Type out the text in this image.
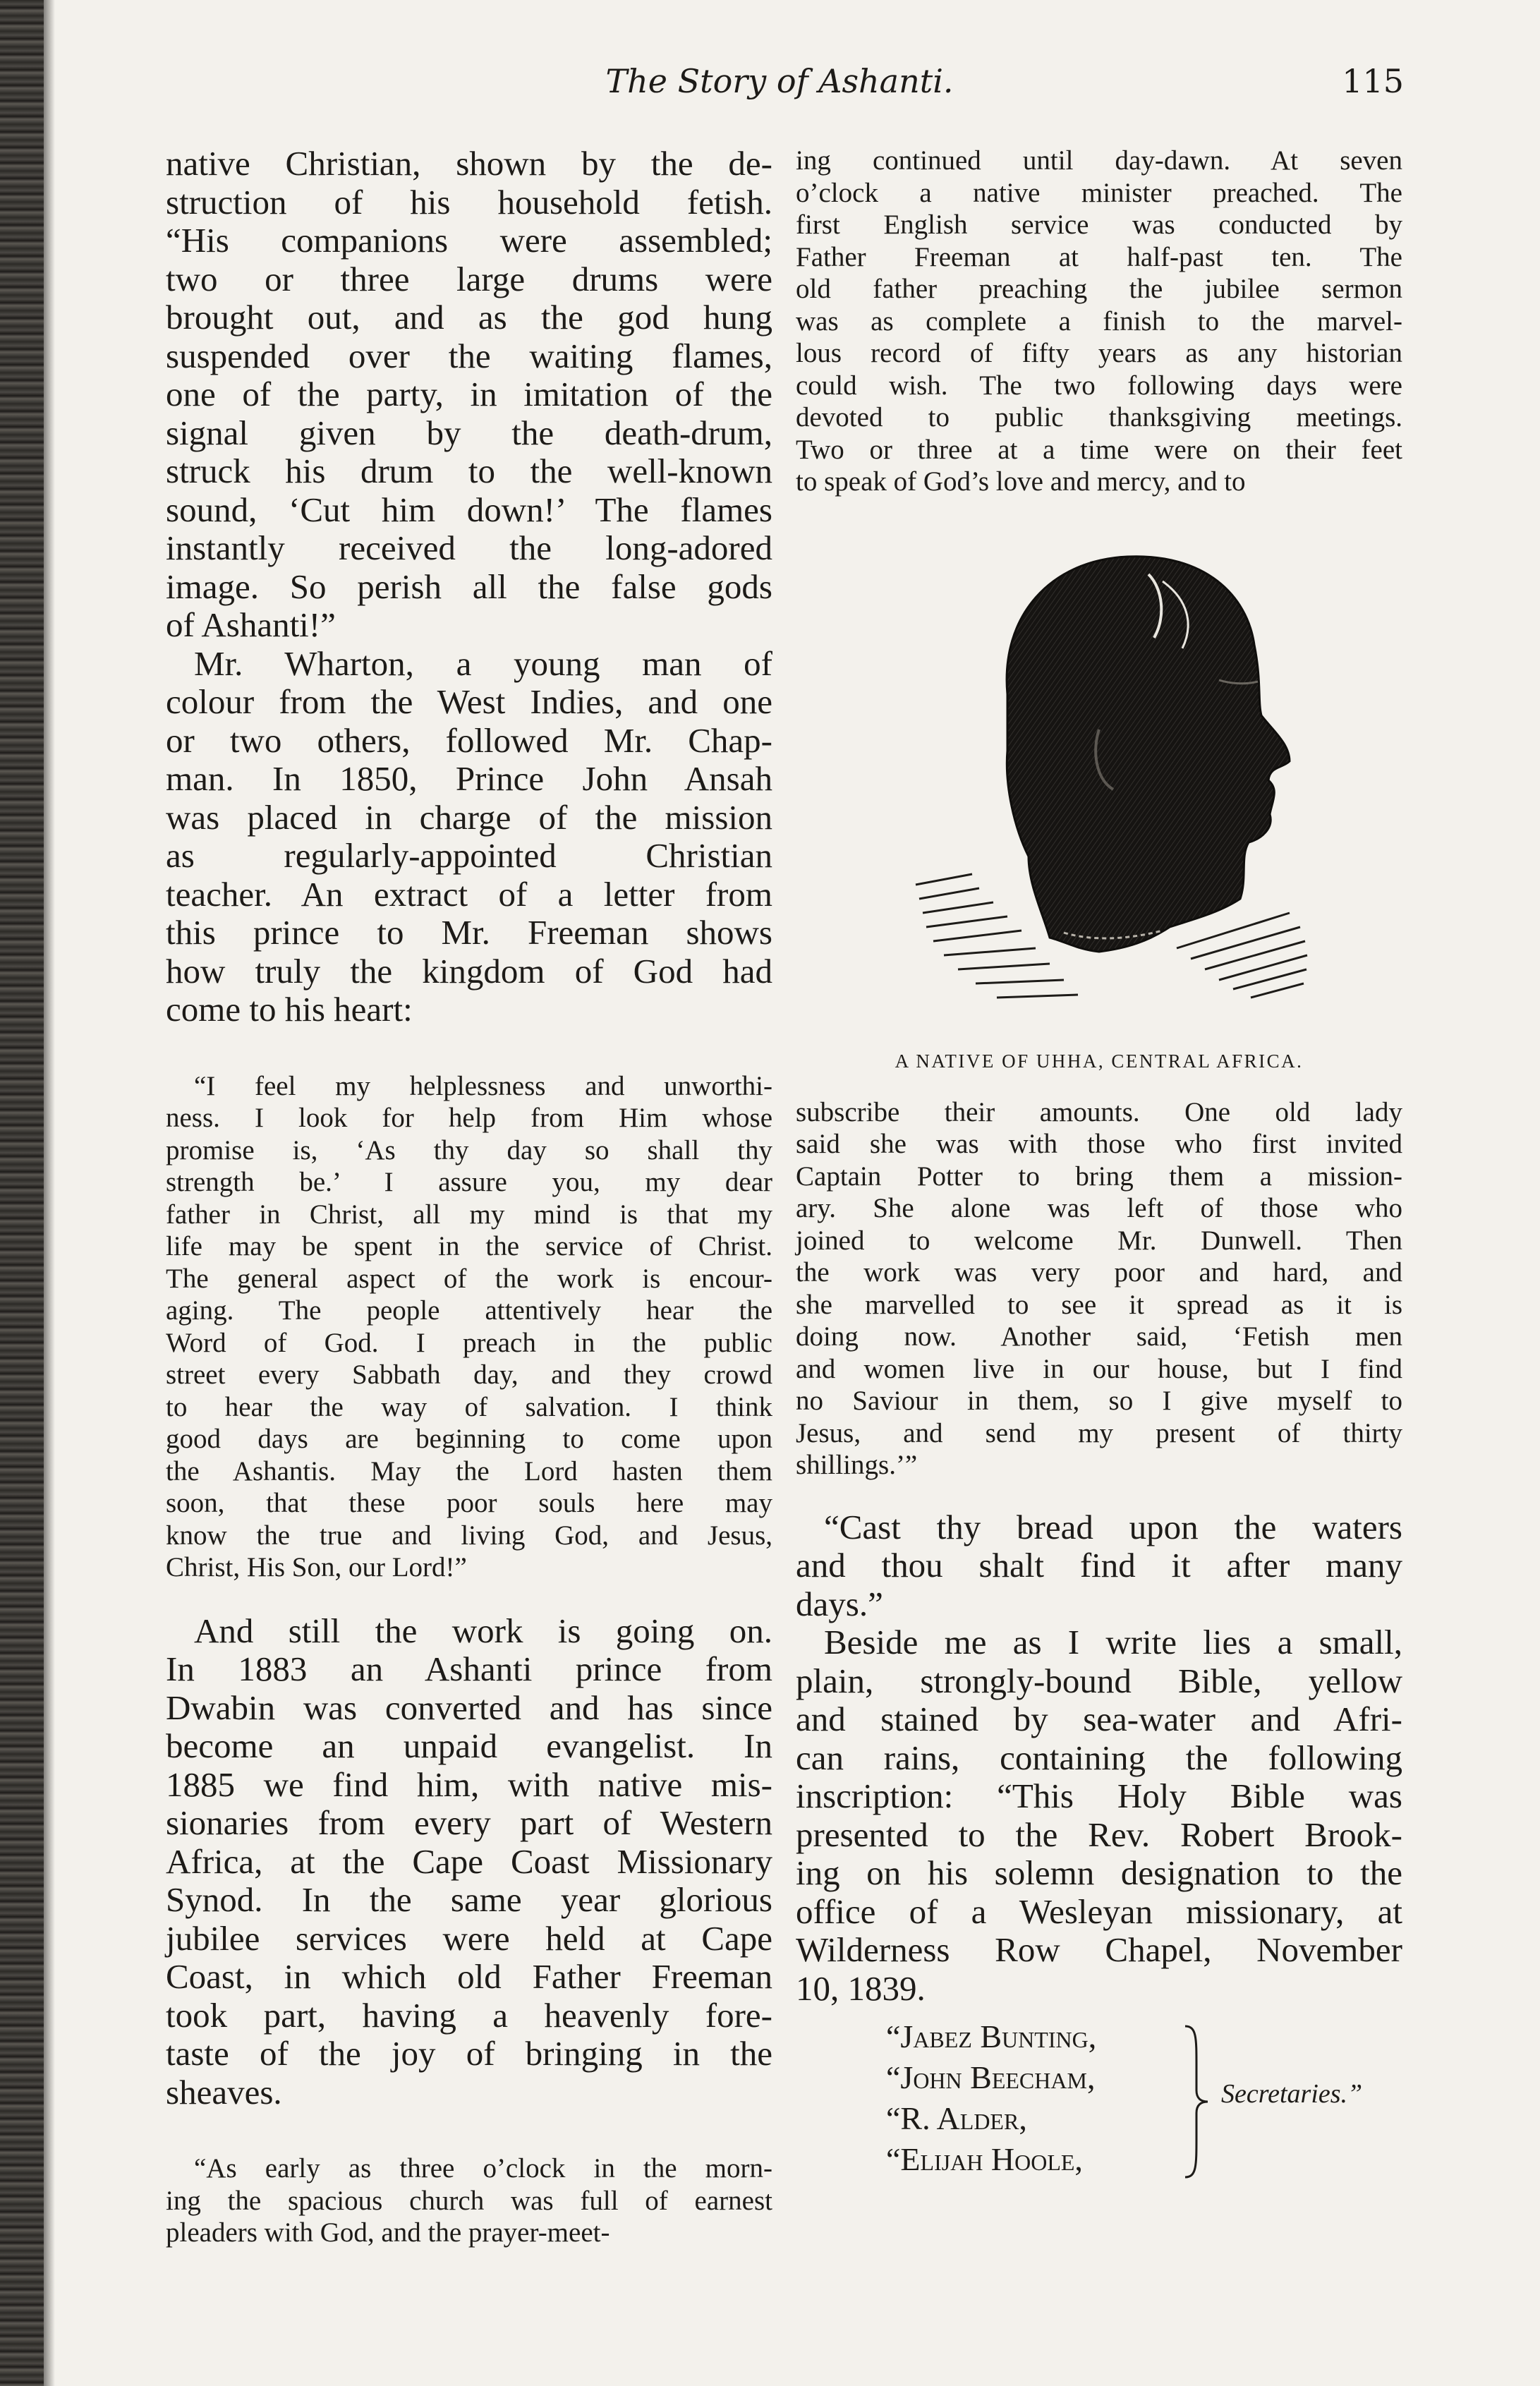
The Story of Ashanti.	115
native Christian, shown by the de-
struction of his household fetish.
“His companions were assembled;
two or three large drums were
brought out, and as the god hung
suspended over the waiting flames,
one of the party, in imitation of the
signal given by the death-drum,
struck his drum to the well-known
sound, ‘Cut him down!’ The flames
instantly received the long-adored
image. So perish all the false gods
of Ashanti!”
Mr. Wharton, a young man of
colour from the West Indies, and one
or two others, followed Mr. Chap-
man. In 1850, Prince John Ansah
was placed in charge of the mission
as regularly-appointed Christian
teacher. An extract of a letter from
this prince to Mr. Freeman shows
how truly the kingdom of God had
come to his heart:
“I feel my helplessness and unworthi-
ness. I look for help from Him whose
promise is, ‘As thy day so shall thy
strength be.’ I assure you, my dear
father in Christ, all my mind is that my
life may be spent in the service of Christ.
The general aspect of the work is encour-
aging. The people attentively hear the
Word of God. I preach in the public
street every Sabbath day, and they crowd
to hear the way of salvation. I think
good days are beginning to come upon
the Ashantis. May the Lord hasten them
soon, that these poor souls here may
know the true and living God, and Jesus,
Christ, His Son, our Lord!”
And still the work is going on.
In 1883 an Ashanti prince from
Dwabin was converted and has since
become an unpaid evangelist. In
1885 we find him, with native mis-
sionaries from every part of Western
Africa, at the Cape Coast Missionary
Synod. In the same year glorious
jubilee services were held at Cape
Coast, in which old Father Freeman
took part, having a heavenly fore-
taste of the joy of bringing in the
sheaves.
“As early as three o’clock in the morn-
ing the spacious church was full of earnest
pleaders with God, and the prayer-meet-
ing continued until day-dawn. At seven
o’clock a native minister preached. The
first English service was conducted by
Father Freeman at half-past ten. The
old father preaching the jubilee sermon
was as complete a finish to the marvel-
lous record of fifty years as any historian
could wish. The two following days were
devoted to public thanksgiving meetings.
Two or three at a time were on their feet
to speak of God’s love and mercy, and to
A NATIVE OF UHHA, CENTRAL AFRICA.
subscribe their amounts. One old lady
said she was with those who first invited
Captain Potter to bring them a mission-
ary. She alone was left of those who
joined to welcome Mr. Dunwell. Then
the work was very poor and hard, and
she marvelled to see it spread as it is
doing now. Another said, ‘Fetish men
and women live in our house, but I find
no Saviour in them, so I give myself to
Jesus, and send my present of thirty
shillings.’”
“Cast thy bread upon the waters
and thou shalt find it after many
days.”
Beside me as I write lies a small,
plain, strongly-bound Bible, yellow
and stained by sea-water and Afri-
can rains, containing the following
inscription: “This Holy Bible was
presented to the Rev. Robert Brook-
ing on his solemn designation to the
office of a Wesleyan missionary, at
Wilderness Row Chapel, November
10, 1839.
“Jabez Bunting,
“John Beecham,
“R. Alder,
“Elijah Hoole,
Secretaries.”
